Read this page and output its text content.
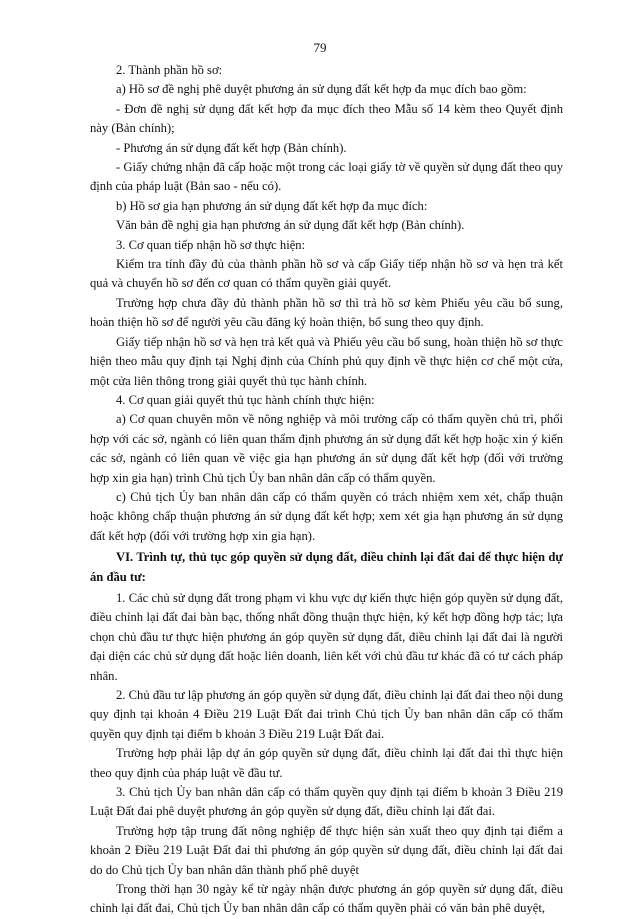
79

2. Thành phần hồ sơ:

a) Hồ sơ đề nghị phê duyệt phương án sử dụng đất kết hợp đa mục đích bao gồm:

- Đơn đề nghị sử dụng đất kết hợp đa mục đích theo Mẫu số 14 kèm theo Quyết định này (Bản chính);

- Phương án sử dụng đất kết hợp (Bản chính).

- Giấy chứng nhận đã cấp hoặc một trong các loại giấy tờ về quyền sử dụng đất theo quy định của pháp luật (Bản sao - nếu có).

b) Hồ sơ gia hạn phương án sử dụng đất kết hợp đa mục đích:

Văn bản đề nghị gia hạn phương án sử dụng đất kết hợp (Bản chính).

3. Cơ quan tiếp nhận hồ sơ thực hiện:

Kiểm tra tính đầy đủ của thành phần hồ sơ và cấp Giấy tiếp nhận hồ sơ và hẹn trả kết quả và chuyển hồ sơ đến cơ quan có thẩm quyền giải quyết.

Trường hợp chưa đầy đủ thành phần hồ sơ thì trả hồ sơ kèm Phiếu yêu cầu bổ sung, hoàn thiện hồ sơ để người yêu cầu đăng ký hoàn thiện, bổ sung theo quy định.

Giấy tiếp nhận hồ sơ và hẹn trả kết quả và Phiếu yêu cầu bổ sung, hoàn thiện hồ sơ thực hiện theo mẫu quy định tại Nghị định của Chính phủ quy định về thực hiện cơ chế một cửa, một cửa liên thông trong giải quyết thủ tục hành chính.

4. Cơ quan giải quyết thủ tục hành chính thực hiện:

a) Cơ quan chuyên môn về nông nghiệp và môi trường cấp có thẩm quyền chủ trì, phối hợp với các sở, ngành có liên quan thẩm định phương án sử dụng đất kết hợp hoặc xin ý kiến các sở, ngành có liên quan về việc gia hạn phương án sử dụng đất kết hợp (đối với trường hợp xin gia hạn) trình Chủ tịch Ủy ban nhân dân cấp có thẩm quyền.

c) Chủ tịch Ủy ban nhân dân cấp có thẩm quyền có trách nhiệm xem xét, chấp thuận hoặc không chấp thuận phương án sử dụng đất kết hợp; xem xét gia hạn phương án sử dụng đất kết hợp (đối với trường hợp xin gia hạn).

VI. Trình tự, thủ tục góp quyền sử dụng đất, điều chỉnh lại đất đai để thực hiện dự án đầu tư:

1. Các chủ sử dụng đất trong phạm vi khu vực dự kiến thực hiện góp quyền sử dụng đất, điều chỉnh lại đất đai bàn bạc, thống nhất đồng thuận thực hiện, ký kết hợp đồng hợp tác; lựa chọn chủ đầu tư thực hiện phương án góp quyền sử dụng đất, điều chỉnh lại đất đai là người đại diện các chủ sử dụng đất hoặc liên doanh, liên kết với chủ đầu tư khác đã có tư cách pháp nhân.

2. Chủ đầu tư lập phương án góp quyền sử dụng đất, điều chỉnh lại đất đai theo nội dung quy định tại khoản 4 Điều 219 Luật Đất đai trình Chủ tịch Ủy ban nhân dân cấp có thẩm quyền quy định tại điểm b khoản 3 Điều 219 Luật Đất đai.

Trường hợp phải lập dự án góp quyền sử dụng đất, điều chỉnh lại đất đai thì thực hiện theo quy định của pháp luật về đầu tư.

3. Chủ tịch Ủy ban nhân dân cấp có thẩm quyền quy định tại điểm b khoản 3 Điều 219 Luật Đất đai phê duyệt phương án góp quyền sử dụng đất, điều chỉnh lại đất đai.

Trường hợp tập trung đất nông nghiệp để thực hiện sản xuất theo quy định tại điểm a khoản 2 Điều 219 Luật Đất đai thì phương án góp quyền sử dụng đất, điều chỉnh lại đất đai do do Chủ tịch Ủy ban nhân dân thành phố phê duyệt

Trong thời hạn 30 ngày kể từ ngày nhận được phương án góp quyền sử dụng đất, điều chỉnh lại đất đai, Chủ tịch Ủy ban nhân dân cấp có thẩm quyền phải có văn bản phê duyệt,
